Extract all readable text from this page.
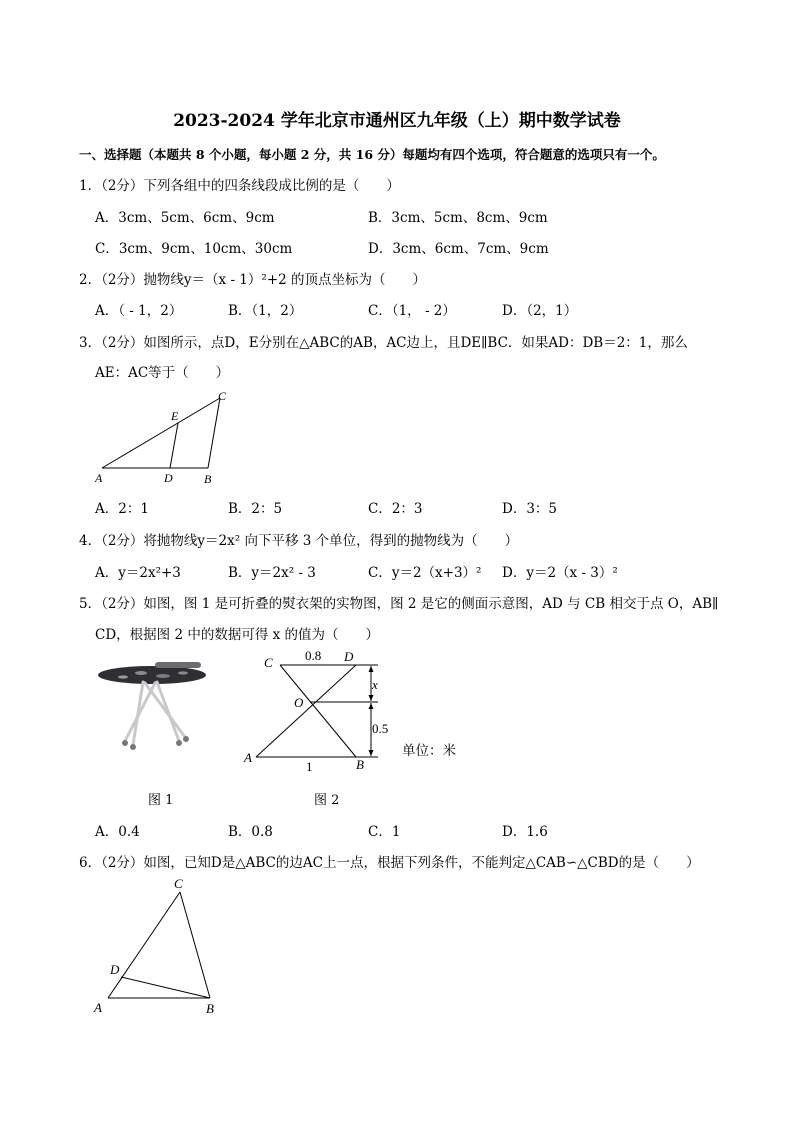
2023-2024 学年北京市通州区九年级（上）期中数学试卷
一、选择题（本题共 8 个小题，每小题 2 分，共 16 分）每题均有四个选项，符合题意的选项只有一个。
1．（2分）下列各组中的四条线段成比例的是（　　）
A．3cm、5cm、6cm、9cm	B．3cm、5cm、8cm、9cm
C．3cm、9cm、10cm、30cm	D．3cm、6cm、7cm、9cm
2．（2分）抛物线y＝（x - 1）²+2 的顶点坐标为（　　）
A．（ - 1，2）	B．（1，2）	C．（1， - 2）	D．（2，1）
3．（2分）如图所示，点D，E分别在△ABC的AB，AC边上，且DE∥BC．如果AD：DB＝2：1，那么
AE：AC等于（　　）
A	D	B
C
E
A．2：1	B．2：5	C．2：3	D．3：5
4．（2分）将抛物线y＝2x² 向下平移 3 个单位，得到的抛物线为（　　）
A．y＝2x²+3	B．y＝2x² - 3	C．y＝2（x+3）² D．y＝2（x - 3）²
5．（2分）如图，图 1 是可折叠的熨衣架的实物图，图 2 是它的侧面示意图，AD 与 CB 相交于点 O，AB∥
CD，根据图 2 中的数据可得 x 的值为（　　）
图 1
C	D
O
A	B
0.8
x
0.5
1
图 2
单位：米
A．0.4	B．0.8	C．1	D．1.6
6．（2分）如图，已知D是△ABC的边AC上一点，根据下列条件，不能判定△CAB∽△CBD的是（　　）
C
D
A	B
